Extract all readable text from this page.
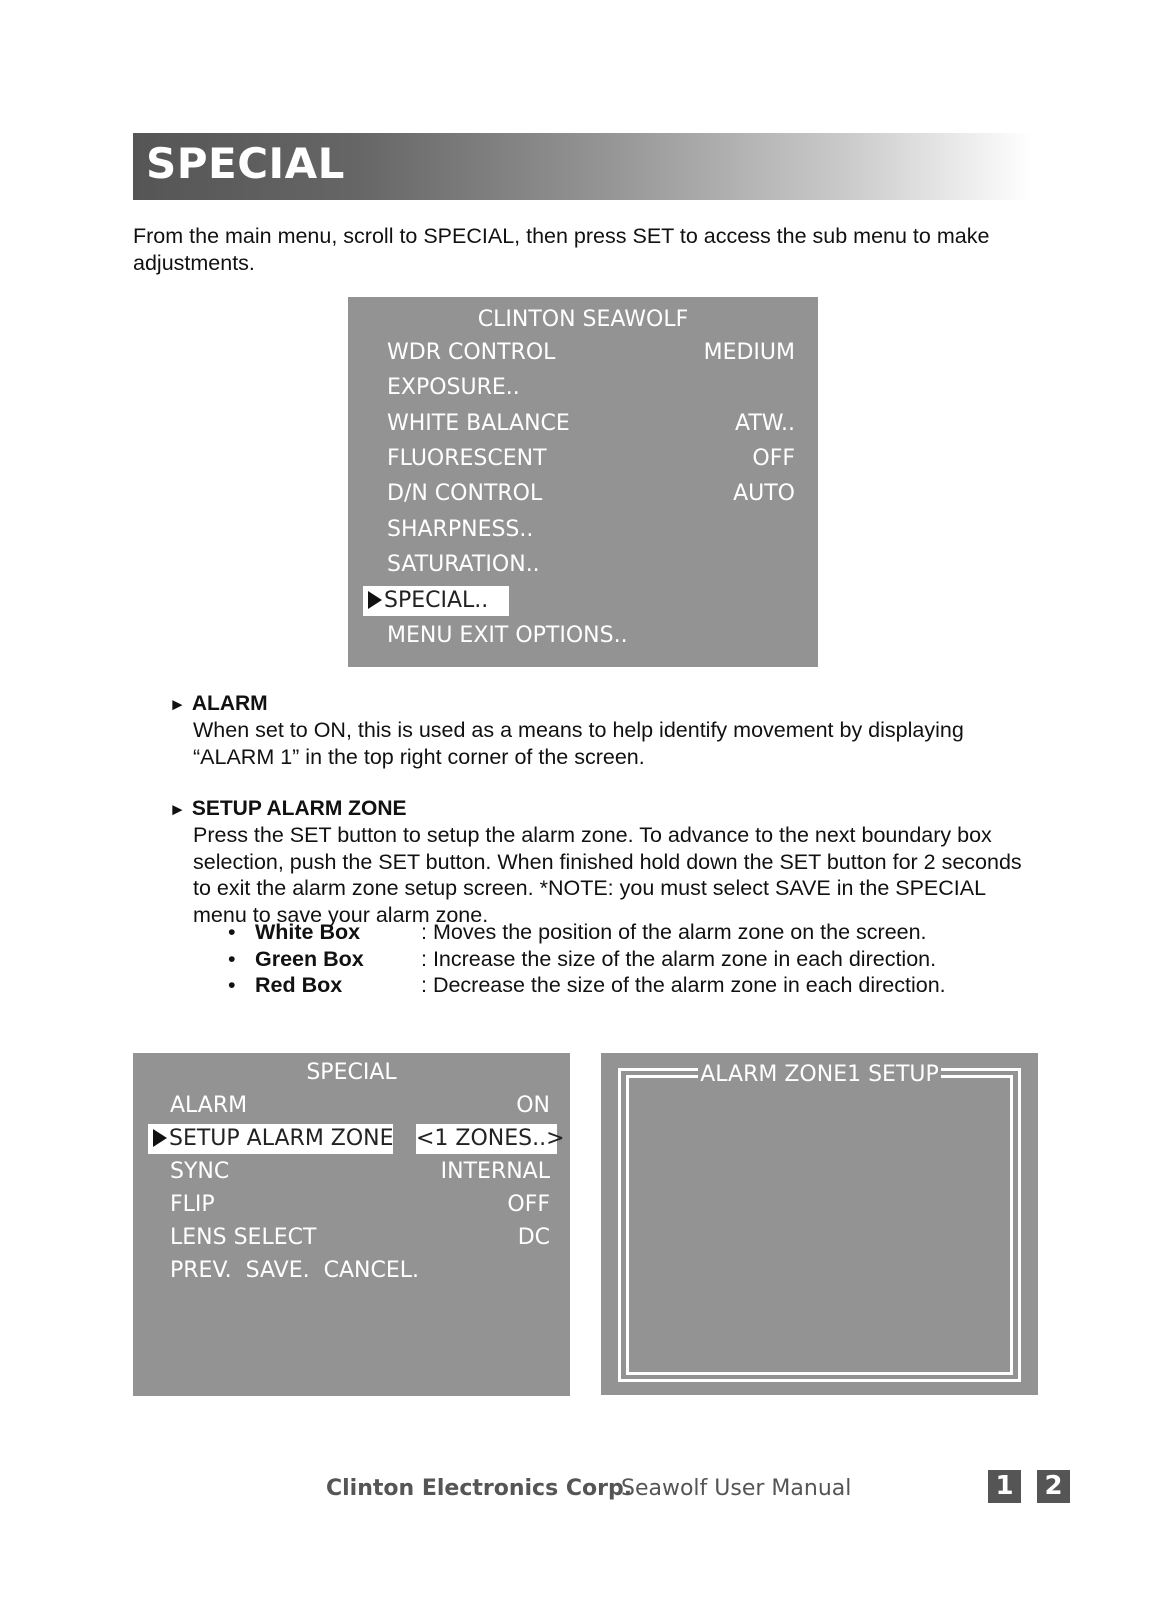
SPECIAL

From the main menu, scroll to SPECIAL, then press SET to access the sub menu to make adjustments.

CLINTON SEAWOLF
WDR CONTROL	MEDIUM
EXPOSURE..
WHITE BALANCE	ATW..
FLUORESCENT	OFF
D/N CONTROL	AUTO
SHARPNESS..
SATURATION..
SPECIAL..
MENU EXIT OPTIONS..

► ALARM

When set to ON, this is used as a means to help identify movement by displaying “ALARM 1” in the top right corner of the screen.

► SETUP ALARM ZONE

Press the SET button to setup the alarm zone. To advance to the next boundary box selection, push the SET button. When finished hold down the SET button for 2 seconds to exit the alarm zone setup screen. *NOTE: you must select SAVE in the SPECIAL menu to save your alarm zone.

• White Box	: Moves the position of the alarm zone on the screen.
• Green Box	: Increase the size of the alarm zone in each direction.
• Red Box	: Decrease the size of the alarm zone in each direction.
SPECIAL
ALARM	ON
SETUP ALARM ZONE <1 ZONES..>
SYNC	INTERNAL
FLIP	OFF
LENS SELECT	DC
PREV.  SAVE.  CANCEL.
ALARM ZONE1 SETUP
Clinton Electronics Corp.
Seawolf User Manual	1 2
